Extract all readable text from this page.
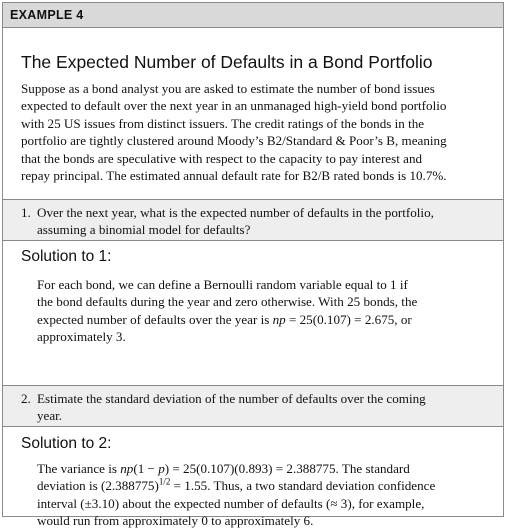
EXAMPLE 4
The Expected Number of Defaults in a Bond Portfolio
Suppose as a bond analyst you are asked to estimate the number of bond issues
expected to default over the next year in an unmanaged high-yield bond portfolio
with 25 US issues from distinct issuers. The credit ratings of the bonds in the
portfolio are tightly clustered around Moody’s B2/Standard & Poor’s B, meaning
that the bonds are speculative with respect to the capacity to pay interest and
repay principal. The estimated annual default rate for B2/B rated bonds is 10.7%.
1. Over the next year, what is the expected number of defaults in the portfolio,
assuming a binomial model for defaults?
Solution to 1:
For each bond, we can define a Bernoulli random variable equal to 1 if
the bond defaults during the year and zero otherwise. With 25 bonds, the
expected number of defaults over the year is np = 25(0.107) = 2.675, or
approximately 3.
2. Estimate the standard deviation of the number of defaults over the coming
year.
Solution to 2:
The variance is np(1 − p) = 25(0.107)(0.893) = 2.388775. The standard
deviation is $(2.388775)^{1/2} = 1.55$. Thus, a two standard deviation confidence
interval (±3.10) about the expected number of defaults (≈ 3), for example,
would run from approximately 0 to approximately 6.
